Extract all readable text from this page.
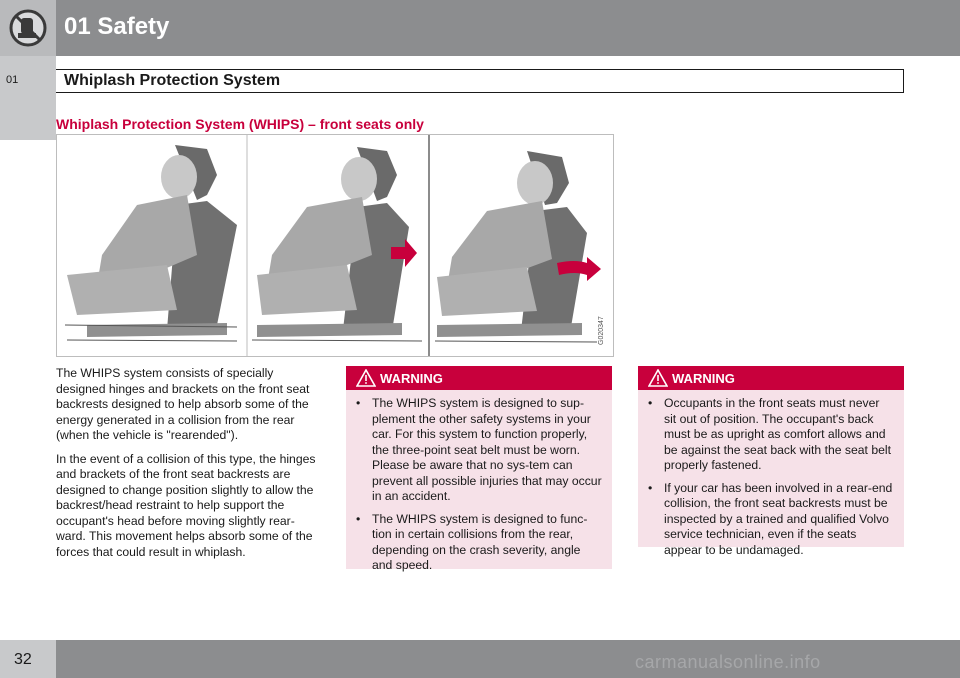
01 Safety
01	Whiplash Protection System
Whiplash Protection System (WHIPS) – front seats only
G020347

The WHIPS system consists of specially designed hinges and brackets on the front seat backrests designed to help absorb some of the energy generated in a collision from the rear (when the vehicle is "rearended").

In the event of a collision of this type, the hinges and brackets of the front seat backrests are designed to change position slightly to allow the backrest/head restraint to help support the occupant's head before moving slightly rear-ward. This movement helps absorb some of the forces that could result in whiplash.

WARNING
• The WHIPS system is designed to sup-plement the other safety systems in your car. For this system to function properly, the three-point seat belt must be worn. Please be aware that no sys-tem can prevent all possible injuries that may occur in an accident.
• The WHIPS system is designed to func-tion in certain collisions from the rear, depending on the crash severity, angle and speed.
WARNING
• Occupants in the front seats must never sit out of position. The occupant's back must be as upright as comfort allows and be against the seat back with the seat belt properly fastened.
• If your car has been involved in a rear-end collision, the front seat backrests must be inspected by a trained and qualified Volvo service technician, even if the seats appear to be undamaged.
32	carmanualsonline.info
